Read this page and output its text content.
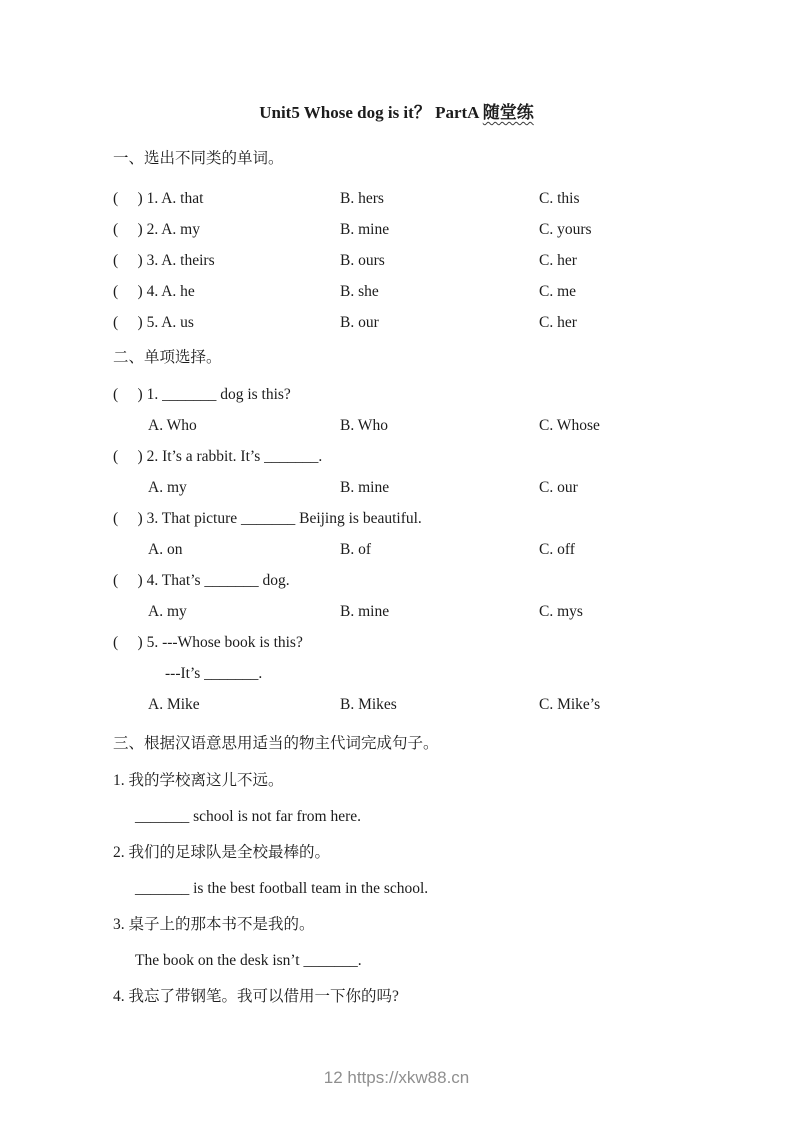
Unit5 Whose dog is it？ PartA 随堂练
一、选出不同类的单词。
(     ) 1. A. that	B. hers	C. this
(     ) 2. A. my	B. mine	C. yours
(     ) 3. A. theirs	B. ours	C. her
(     ) 4. A. he	B. she	C. me
(     ) 5. A. us	B. our	C. her
二、单项选择。
(     ) 1. _______ dog is this?
A. Who	B. Who	C. Whose
(     ) 2. It’s a rabbit. It’s _______.
A. my	B. mine	C. our
(     ) 3. That picture _______ Beijing is beautiful.
A. on	B. of	C. off
(     ) 4. That’s _______ dog.
A. my	B. mine	C. mys
(     ) 5. ---Whose book is this?
---It’s _______.
A. Mike	B. Mikes	C. Mike’s
三、根据汉语意思用适当的物主代词完成句子。
1. 我的学校离这儿不远。
_______ school is not far from here.
2. 我们的足球队是全校最棒的。
_______ is the best football team in the school.
3. 桌子上的那本书不是我的。
The book on the desk isn’t _______.
4. 我忘了带钢笔。我可以借用一下你的吗?
12 https://xkw88.cn
